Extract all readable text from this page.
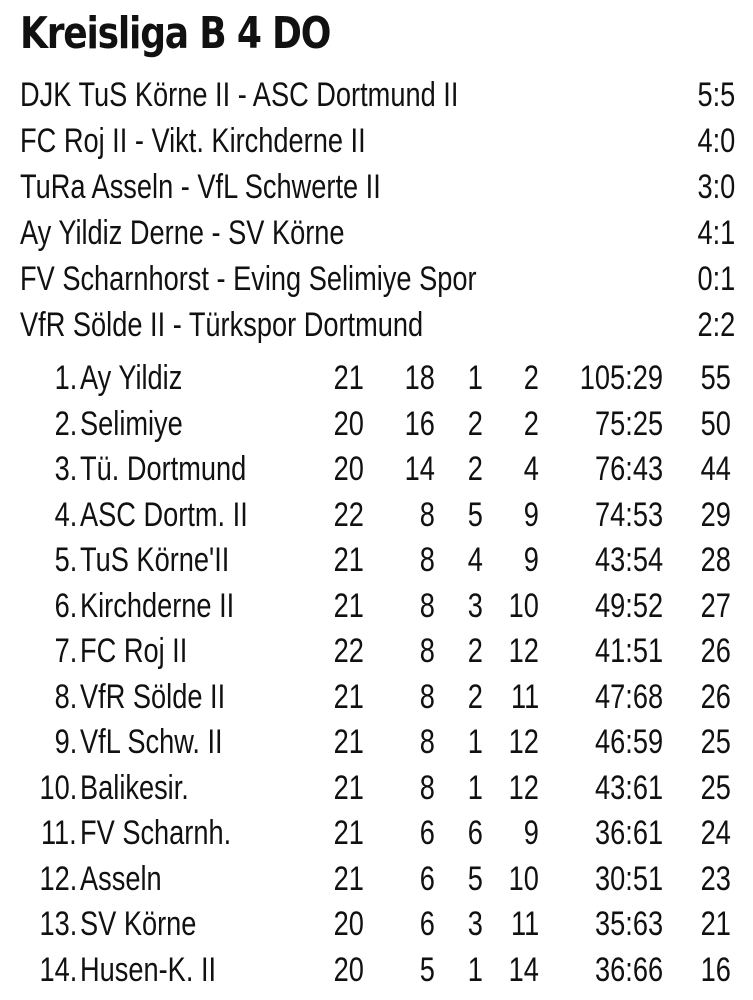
Kreisliga B 4 DO
DJK TuS Körne II - ASC Dortmund II	5:5
FC Roj II - Vikt. Kirchderne II	4:0
TuRa Asseln - VfL Schwerte II	3:0
Ay Yildiz Derne - SV Körne	4:1
FV Scharnhorst - Eving Selimiye Spor	0:1
VfR Sölde II - Türkspor Dortmund	2:2
1. Ay Yildiz	21 18 1 2 105:29 55
2. Selimiye	20 16 2 2 75:25 50
3. Tü. Dortmund	20 14 2 4 76:43 44
4. ASC Dortm. II	22 8 5 9 74:53 29
5. TuS Körne'II	21 8 4 9 43:54 28
6. Kirchderne II	21 8 3 10 49:52 27
7. FC Roj II	22 8 2 12 41:51 26
8. VfR Sölde II	21 8 2 11 47:68 26
9. VfL Schw. II	21 8 1 12 46:59 25
10. Balikesir.	21 8 1 12 43:61 25
11. FV Scharnh.	21 6 6 9 36:61 24
12. Asseln	21 6 5 10 30:51 23
13. SV Körne	20 6 3 11 35:63 21
14. Husen-K. II	20 5 1 14 36:66 16
